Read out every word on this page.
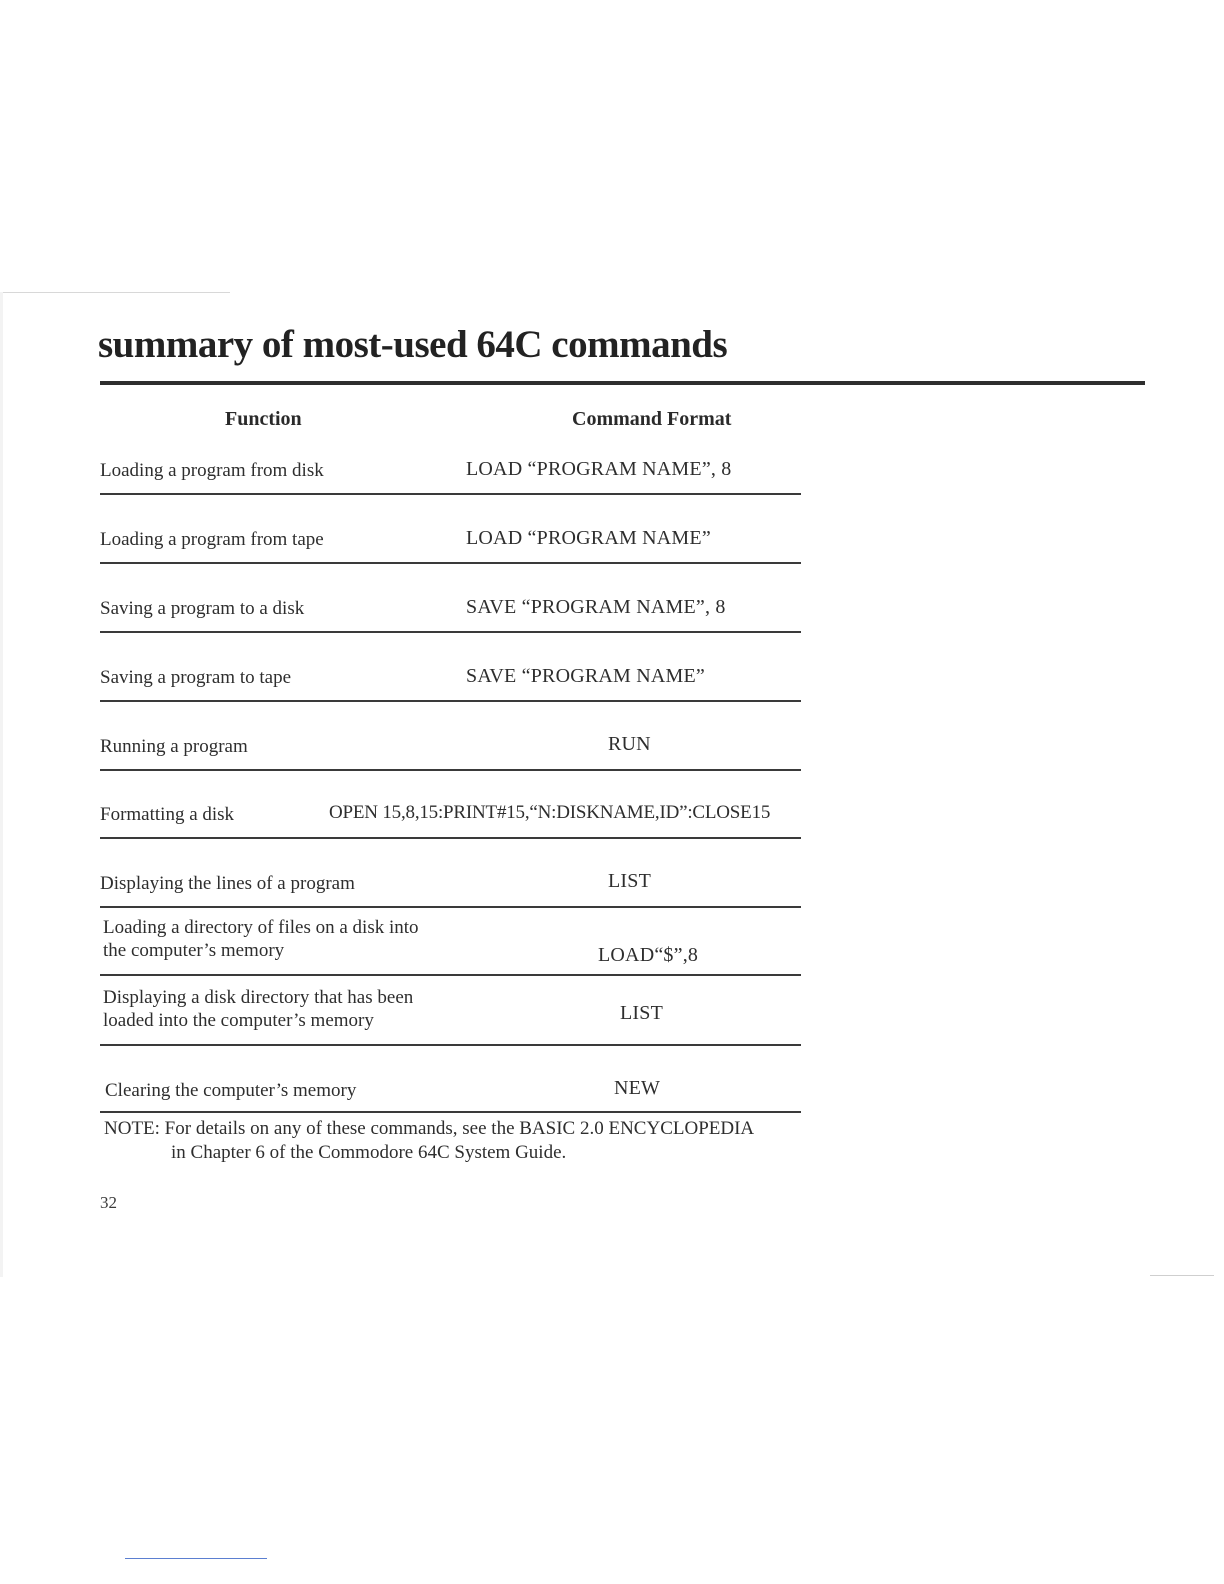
summary of most-used 64C commands
Function	Command Format
Loading a program from disk	LOAD “PROGRAM NAME”, 8
Loading a program from tape	LOAD “PROGRAM NAME”
Saving a program to a disk	SAVE “PROGRAM NAME”, 8
Saving a program to tape	SAVE “PROGRAM NAME”
Running a program	RUN
Formatting a disk	OPEN 15,8,15:PRINT#15,“N:DISKNAME,ID”:CLOSE15
Displaying the lines of a program	LIST
Loading a directory of files on a disk into
the computer’s memory	LOAD“$”,8
Displaying a disk directory that has been
loaded into the computer’s memory	LIST
Clearing the computer’s memory	NEW
NOTE: For details on any of these commands, see the BASIC 2.0 ENCYCLOPEDIA
in Chapter 6 of the Commodore 64C System Guide.
32
